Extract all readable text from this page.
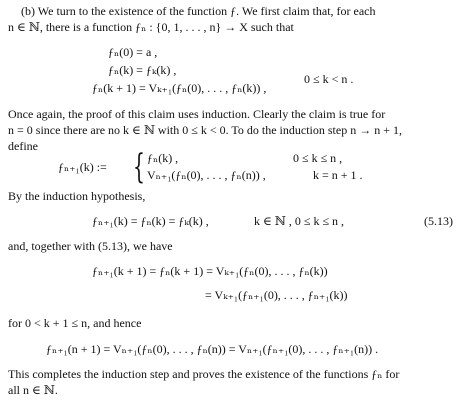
(b) We turn to the existence of the function ƒ. We first claim that, for each
n ∈ ℕ, there is a function ƒₙ : {0, 1, . . . , n} → X such that
ƒₙ(0) = a ,
ƒₙ(k) = ƒₖ(k) ,
ƒₙ(k + 1) = Vₖ₊₁(ƒₙ(0), . . . , ƒₙ(k)) ,
0 ≤ k < n .
Once again, the proof of this claim uses induction. Clearly the claim is true for
n = 0 since there are no k ∈ ℕ with 0 ≤ k < 0. To do the induction step n → n + 1,
define
ƒₙ₊₁(k) := { ƒₙ(k) ,	0 ≤ k ≤ n ,
Vₙ₊₁(ƒₙ(0), . . . , ƒₙ(n)) ,	k = n + 1 .
By the induction hypothesis,
ƒₙ₊₁(k) = ƒₙ(k) = ƒₖ(k) ,	k ∈ ℕ , 0 ≤ k ≤ n ,	(5.13)
and, together with (5.13), we have
ƒₙ₊₁(k + 1) = ƒₙ(k + 1) = Vₖ₊₁(ƒₙ(0), . . . , ƒₙ(k))
= Vₖ₊₁(ƒₙ₊₁(0), . . . , ƒₙ₊₁(k))
for 0 < k + 1 ≤ n, and hence
ƒₙ₊₁(n + 1) = Vₙ₊₁(ƒₙ(0), . . . , ƒₙ(n)) = Vₙ₊₁(ƒₙ₊₁(0), . . . , ƒₙ₊₁(n)) .
This completes the induction step and proves the existence of the functions ƒₙ for
all n ∈ ℕ.
